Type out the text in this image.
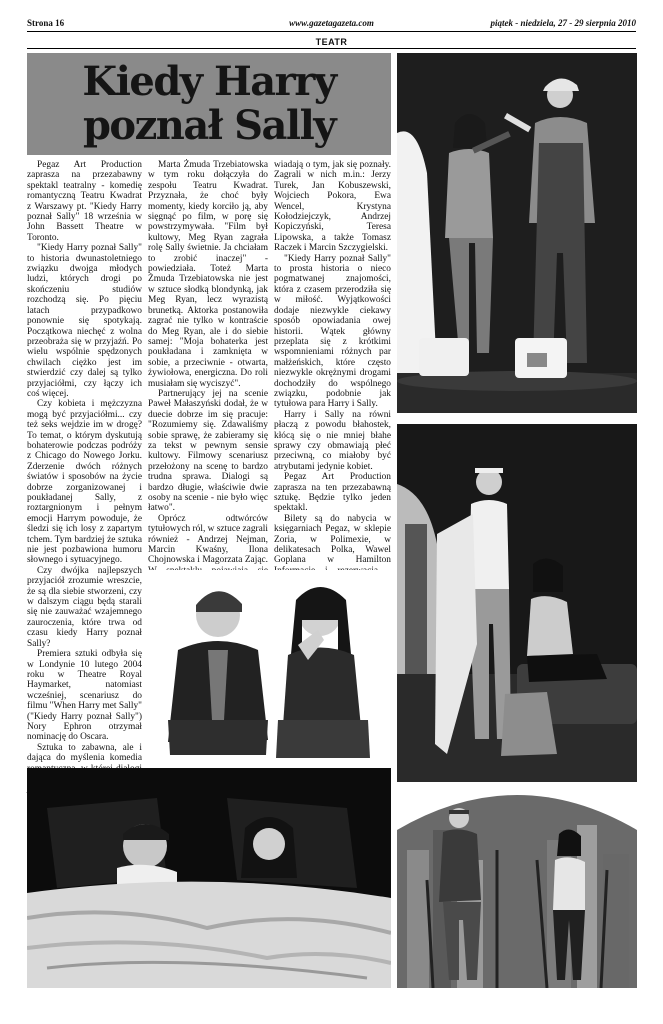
Strona 16	www.gazetagazeta.com	piątek - niedziela, 27 - 29 sierpnia 2010
TEATR
Kiedy Harry
poznał Sally

Pegaz Art Production zaprasza na przezabawny spektakl teatralny - komedię romantyczną Teatru Kwadrat z Warszawy pt. "Kiedy Harry poznał Sally" 18 września w John Bassett Theatre w Toronto.

"Kiedy Harry poznał Sally" to historia dwunastoletniego związku dwojga młodych ludzi, których drogi po skończeniu studiów rozchodzą się. Po pięciu latach przypadkowo ponownie się spotykają. Początkowa niechęć z wolna przeobraża się w przyjaźń. Po wielu wspólnie spędzonych chwilach ciężko jest im stwierdzić czy dalej są tylko przyjaciółmi, czy łączy ich coś więcej.

Czy kobieta i mężczyzna mogą być przyjaciółmi... czy też seks wejdzie im w drogę? To temat, o którym dyskutują bohaterowie podczas podróży z Chicago do Nowego Jorku. Zderzenie dwóch różnych światów i sposobów na życie dobrze zorganizowanej i poukładanej Sally, z roztargnionym i pełnym emocji Harrym powoduje, że śledzi się ich losy z zapartym tchem. Tym bardziej że sztuka nie jest pozbawiona humoru słownego i sytuacyjnego.

Czy dwójka najlepszych przyjaciół zrozumie wreszcie, że są dla siebie stworzeni, czy w dalszym ciągu będą starali się nie zauważać wzajemnego zauroczenia, które trwa od czasu kiedy Harry poznał Sally?

Premiera sztuki odbyła się w Londynie 10 lutego 2004 roku w Theatre Royal Haymarket, natomiast wcześniej, scenariusz do filmu "When Harry met Sally" ("Kiedy Harry poznał Sally") Nory Ephron otrzymał nominację do Oscara.

Sztuka to zabawna, ale i dająca do myślenia komedia

Marta Żmuda Trzebiatowska w tym roku dołączyła do zespołu Teatru Kwadrat. Przyznała, że choć były momenty, kiedy korciło ją, aby sięgnąć po film, w porę się powstrzymywała. "Film był kultowy, Meg Ryan zagrała rolę Sally świetnie. Ja chciałam to zrobić inaczej" - powiedziała. Toteż Marta Żmuda Trzebiatowska nie jest w sztuce słodką blondynką, jak Meg Ryan, lecz wyrazistą brunetką. Aktorka postanowiła zagrać nie tylko w kontraście do Meg Ryan, ale i do siebie samej: "Moja bohaterka jest poukładana i zamknięta w sobie, a przeciwnie - otwarta, żywiołowa, energiczna. Do roli musiałam się wyciszyć".

Partnerujący jej na scenie Paweł Małaszyński dodał, że w duecie dobrze im się pracuje: "Rozumiemy się. Zdawaliśmy sobie sprawę, że zabieramy się za tekst w pewnym sensie kultowy. Filmowy scenariusz przełożony na scenę to bardzo trudna sprawa. Dialogi są bardzo długie, właściwie dwie osoby na scenie - nie było więc łatwo".

Oprócz odtwórców tytułowych ról, w sztuce zagrali również - Andrzej Nejman, Marcin Kwaśny, Ilona Chojnowska i Magorzata Zając.

wiadają o tym, jak się poznały. Zagrali w nich m.in.: Jerzy Turek, Jan Kobuszewski, Wojciech Pokora, Ewa Wencel, Krystyna Kołodziejczyk, Andrzej Kopiczyński, Teresa Lipowska, a także Tomasz Raczek i Marcin Szczygielski.

"Kiedy Harry poznał Sally" to prosta historia o nieco pogmatwanej znajomości, która z czasem przerodziła się w miłość. Wyjątkowości dodaje niezwykle ciekawy sposób opowiadania owej historii. Wątek główny przeplata się z krótkimi wspomnieniami różnych par małżeńskich, które często niezwykle okrężnymi drogami dochodziły do wspólnego związku, podobnie jak tytułowa para Harry i Sally.

Harry i Sally na równi płaczą z powodu błahostek, kłócą się o nie mniej błahe sprawy czy obmawiają płeć przeciwną, co miałoby być atrybutami jedynie kobiet.

Pegaz Art Production zaprasza na ten przezabawną sztukę. Będzie tylko jeden spektakl.

Bilety są do nabycia w księgarniach Pegaz, w sklepie Zoria, w Polimexie, w delikatesach Polka, Wawel Goplana w Hamilton
